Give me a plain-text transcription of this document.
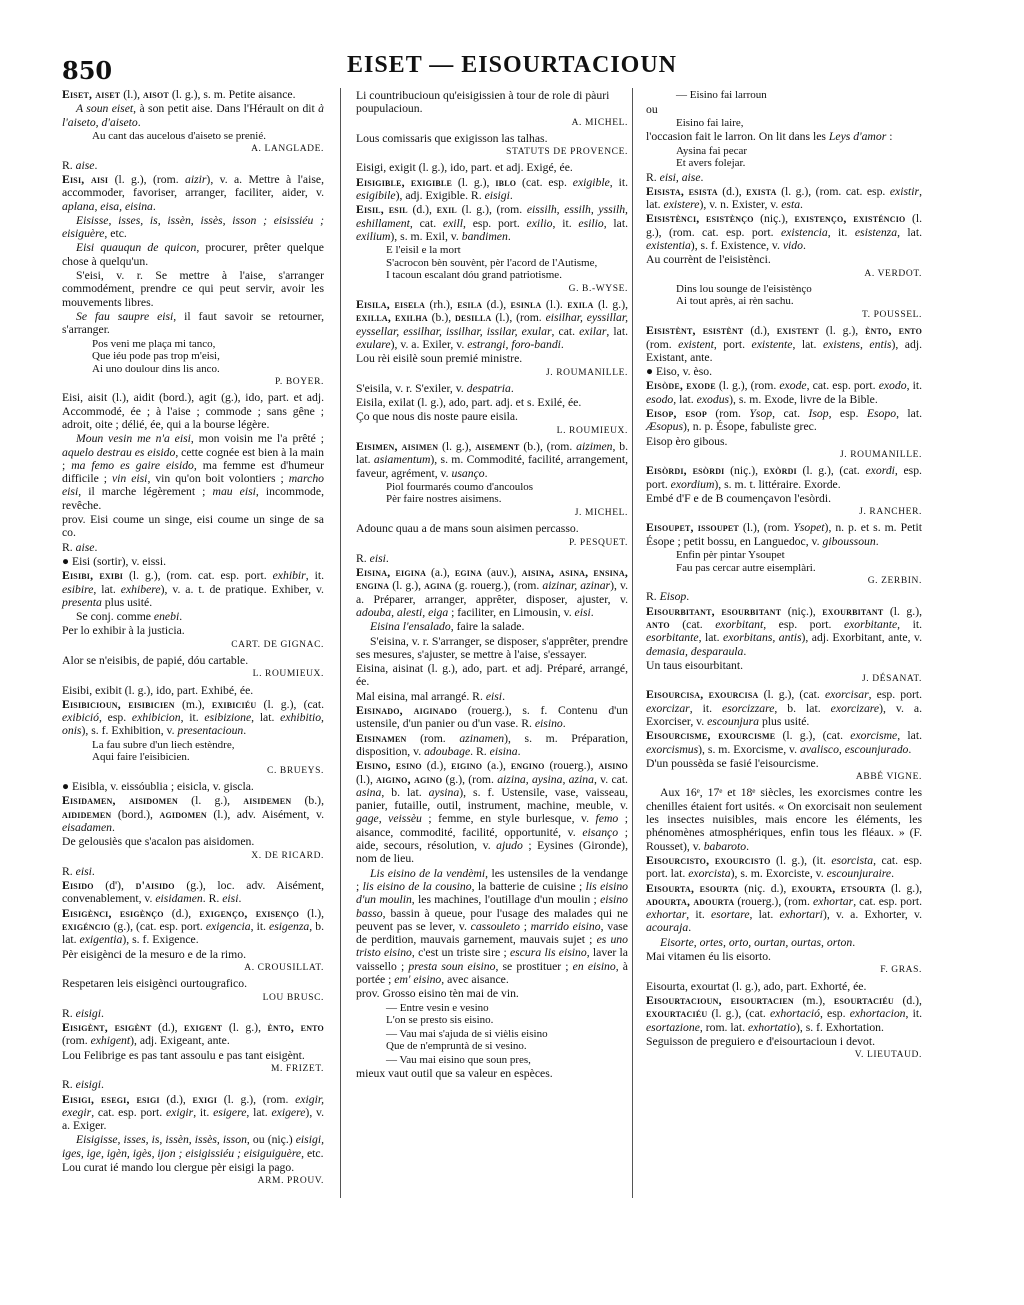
850	EISET — EISOURTACIOUN

Eiset, aiset (l.), aisot (l. g.), s. m. Petite aisance.

A soun eiset, à son petit aise. Dans l'Hérault on dit à l'aiseto, d'aiseto.

Au cant das aucelous d'aiseto se prenié.

A. LANGLADE.

R. aise.

Eisi, aisi (l. g.), (rom. aizir), v. a. Mettre à l'aise, accommoder, favoriser, arranger, faciliter, aider, v. aplana, eisa, eisina.

Eisisse, isses, is, issèn, issès, isson ; eisissiéu ; eisiguère, etc.

Eisi quauqun de quicon, procurer, prêter quelque chose à quelqu'un.

S'eisi, v. r. Se mettre à l'aise, s'arranger commodément, prendre ce qui peut servir, avoir les mouvements libres.

Se fau saupre eisi, il faut savoir se retourner, s'arranger.

Pos veni me plaça mi tanco,
Que iéu pode pas trop m'eisi,
Ai uno doulour dins lis anco.

P. BOYER.

Eisi, aisit (l.), aidit (bord.), agit (g.), ido, part. et adj. Accommodé, ée ; à l'aise ; commode ; sans gêne ; adroit, oite ; délié, ée, qui a la bourse légère.

Moun vesin me n'a eisi, mon voisin me l'a prêté ; aquelo destrau es eisido, cette cognée est bien à la main ; ma femo es gaire eisido, ma femme est d'humeur difficile ; vin eisi, vin qu'on boit volontiers ; marcho eisi, il marche légèrement ; mau eisi, incommode, revêche.

prov. Eisi coume un singe, eisi coume un singe de sa co.

R. aise.

● Eisi (sortir), v. eissi.

Eisibi, exibi (l. g.), (rom. cat. esp. port. exhibir, it. esibire, lat. exhibere), v. a. t. de pratique. Exhiber, v. presenta plus usité.

Se conj. comme enebi.

Per lo exhibir à la justicia.

CART. DE GIGNAC.

Alor se n'eisibis, de papié, dóu cartable.

L. ROUMIEUX.

Eisibi, exibit (l. g.), ido, part. Exhibé, ée.

Eisibicioun, eisibicien (m.), exibiciéu (l. g.), (cat. exibició, esp. exhibicion, it. esibizione, lat. exhibitio, onis), s. f. Exhibition, v. presentacioun.

La fau subre d'un liech estèndre,
Aqui faire l'eisibicien.

C. BRUEYS.

● Eisibla, v. eissóublia ; eisicla, v. giscla.

Eisidamen, aisidomen (l. g.), aisidemen (b.), aididemen (bord.), agidomen (l.), adv. Aisément, v. eisadamen.

De gelousiès que s'acalon pas aisidomen.

X. DE RICARD.

R. eisi.

Eisido (d'), d'aisido (g.), loc. adv. Aisément, convenablement, v. eisidamen. R. eisi.

Eisigènci, esigènço (d.), exigenço, exisenço (l.), exigéncio (g.), (cat. esp. port. exigencia, it. esigenza, b. lat. exigentia), s. f. Exigence.

Pèr eisigènci de la mesuro e de la rimo.

A. CROUSILLAT.

Respetaren leis eisigènci ourtougrafico.

LOU BRUSC.

R. eisigi.

Eisigènt, esigènt (d.), exigent (l. g.), ènto, ento (rom. exhigent), adj. Exigeant, ante.

Lou Felibrige es pas tant assoulu e pas tant eisigènt.

M. FRIZET.

R. eisigi.

Eisigi, esegi, esigi (d.), exigi (l. g.), (rom. exigir, exegir, cat. esp. port. exigir, it. esigere, lat. exigere), v. a. Exiger.

Eisigisse, isses, is, issèn, issès, isson, ou (niç.) eisigi, iges, ige, igèn, igès, ijon ; eisigissiéu ; eisiguiguère, etc.

Lou curat ié mando lou clergue pèr eisigi la pago.

ARM. PROUV.

Li countribucioun qu'eisigissien à tour de role di pàuri poupulacioun.

A. MICHEL.

Lous comissaris que exigisson las talhas.

STATUTS DE PROVENCE.

Eisigi, exigit (l. g.), ido, part. et adj. Exigé, ée.

Eisigible, exigible (l. g.), iblo (cat. esp. exigible, it. esigibile), adj. Exigible. R. eisigi.

Eisil, esil (d.), exil (l. g.), (rom. eissilh, essilh, yssilh, eshillament, cat. exill, esp. port. exilio, it. esilio, lat. exilium), s. m. Exil, v. bandimen.

E l'eisil e la mort
S'acrocon bèn souvènt, pèr l'acord de l'Autisme,
I tacoun escalant dóu grand patriotisme.

G. B.-WYSE.

Eisila, eisela (rh.), esila (d.), esinla (l.). exila (l. g.), exilla, exilha (b.), desilla (l.), (rom. eisilhar, eyssillar, eyssellar, essilhar, issilhar, issilar, exular, cat. exilar, lat. exulare), v. a. Exiler, v. estrangi, foro-bandi.

Lou rèi eisilè soun premié ministre.

J. ROUMANILLE.

S'eisila, v. r. S'exiler, v. despatria.

Eisila, exilat (l. g.), ado, part. adj. et s. Exilé, ée.

Ço que nous dis noste paure eisila.

L. ROUMIEUX.

Eisimen, aisimen (l. g.), aisement (b.), (rom. aizimen, b. lat. asiamentum), s. m. Commodité, facilité, arrangement, faveur, agrément, v. usanço.

Piol fourmarés coumo d'ancoulos
Pèr faire nostres aisimens.

J. MICHEL.

Adounc quau a de mans soun aisimen percasso.

P. PESQUET.

R. eisi.

Eisina, eigina (a.), egina (auv.), aisina, asina, ensina, engina (l. g.), agina (g. rouerg.), (rom. aizinar, azinar), v. a. Préparer, arranger, apprêter, disposer, ajuster, v. adouba, alesti, eiga ; faciliter, en Limousin, v. eisi.

Eisina l'ensalado, faire la salade.

S'eisina, v. r. S'arranger, se disposer, s'apprêter, prendre ses mesures, s'ajuster, se mettre à l'aise, s'essayer.

Eisina, aisinat (l. g.), ado, part. et adj. Préparé, arrangé, ée.

Mal eisina, mal arrangé. R. eisi.

Eisinado, aiginado (rouerg.), s. f. Contenu d'un ustensile, d'un panier ou d'un vase. R. eisino.

Eisinamen (rom. azinamen), s. m. Préparation, disposition, v. adoubage. R. eisina.

Eisino, esino (d.), eigino (a.), engino (rouerg.), aisino (l.), aigino, agino (g.), (rom. aizina, aysina, azina, v. cat. asina, b. lat. aysina), s. f. Ustensile, vase, vaisseau, panier, futaille, outil, instrument, machine, meuble, v. gage, veissèu ; femme, en style burlesque, v. femo ; aisance, commodité, facilité, opportunité, v. eisanço ; aide, secours, résolution, v. ajudo ; Eysines (Gironde), nom de lieu.

Lis eisino de la vendèmi, les ustensiles de la vendange ; lis eisino de la cousino, la batterie de cuisine ; lis eisino d'un moulin, les machines, l'outillage d'un moulin ; eisino basso, bassin à queue, pour l'usage des malades qui ne peuvent pas se lever, v. cassouleto ; marrido eisino, vase de perdition, mauvais garnement, mauvais sujet ; es uno tristo eisino, c'est un triste sire ; escura lis eisino, laver la vaissello ; presta soun eisino, se prostituer ; en eisino, à portée ; em' eisino, avec aisance.

prov. Grosso eisino tèn mai de vin.

— Entre vesin e vesino
L'on se presto sis eisino.

— Vau mai s'ajuda de si vièlis eisino
Que de n'empruntà de si vesino.

— Vau mai eisino que soun pres,

mieux vaut outil que sa valeur en espèces.

— Eisino fai larroun

ou

Eisino fai laire,

l'occasion fait le larron. On lit dans les Leys d'amor :

Aysina fai pecar
Et avers folejar.

R. eisi, aise.

Eisista, esista (d.), exista (l. g.), (rom. cat. esp. existir, lat. existere), v. n. Exister, v. esta.

Eisistènci, esistènço (niç.), existenço, existéncio (l. g.), (rom. cat. esp. port. existencia, it. esistenza, lat. existentia), s. f. Existence, v. vido.

Au courrènt de l'eisistènci.

A. VERDOT.

Dins lou sounge de l'eisistènço
Ai tout après, ai rèn sachu.

T. POUSSEL.

Eisistènt, esistènt (d.), existent (l. g.), ènto, ento (rom. existent, port. existente, lat. existens, entis), adj. Existant, ante.

● Eiso, v. èso.

Eisòde, exode (l. g.), (rom. exode, cat. esp. port. exodo, it. esodo, lat. exodus), s. m. Exode, livre de la Bible.

Eisop, esop (rom. Ysop, cat. Isop, esp. Esopo, lat. Æsopus), n. p. Ésope, fabuliste grec.

Eisop èro gibous.

J. ROUMANILLE.

Eisòrdi, esòrdi (niç.), exòrdi (l. g.), (cat. exordi, esp. port. exordium), s. m. t. littéraire. Exorde.

Embé d'F e de B coumençavon l'esòrdi.

J. RANCHER.

Eisoupet, issoupet (l.), (rom. Ysopet), n. p. et s. m. Petit Ésope ; petit bossu, en Languedoc, v. giboussoun.

Enfin pèr pintar Ysoupet
Fau pas cercar autre eisemplàri.

G. ZERBIN.

R. Eisop.

Eisourbitant, esourbitant (niç.), exourbitant (l. g.), anto (cat. exorbitant, esp. port. exorbitante, it. esorbitante, lat. exorbitans, antis), adj. Exorbitant, ante, v. demasia, desparaula.

Un taus eisourbitant.

J. DÉSANAT.

Eisourcisa, exourcisa (l. g.), (cat. exorcisar, esp. port. exorcizar, it. esorcizzare, b. lat. exorcizare), v. a. Exorciser, v. escounjura plus usité.

Eisourcisme, exourcisme (l. g.), (cat. exorcisme, lat. exorcismus), s. m. Exorcisme, v. avalisco, escounjurado.

D'un poussèda se fasié l'eisourcisme.

ABBÉ VIGNE.

Aux 16ᵉ, 17ᵉ et 18ᵉ siècles, les exorcismes contre les chenilles étaient fort usités. « On exorcisait non seulement les insectes nuisibles, mais encore les éléments, les phénomènes atmosphériques, enfin tous les fléaux. » (F. Rousset), v. babaroto.

Eisourcisto, exourcisto (l. g.), (it. esorcista, cat. esp. port. lat. exorcista), s. m. Exorciste, v. escounjuraire.

Eisourta, esourta (niç. d.), exourta, etsourta (l. g.), adourta, adourta (rouerg.), (rom. exhortar, cat. esp. port. exhortar, it. esortare, lat. exhortari), v. a. Exhorter, v. acouraja.

Eisorte, ortes, orto, ourtan, ourtas, orton.

Mai vitamen éu lis eisorto.

F. GRAS.

Eisourta, exourtat (l. g.), ado, part. Exhorté, ée.

Eisourtacioun, eisourtacien (m.), esourtaciéu (d.), exourtaciéu (l. g.), (cat. exhortació, esp. exhortacion, it. esortazione, rom. lat. exhortatio), s. f. Exhortation.

Seguisson de preguiero e d'eisourtacioun i devot.

V. LIEUTAUD.
